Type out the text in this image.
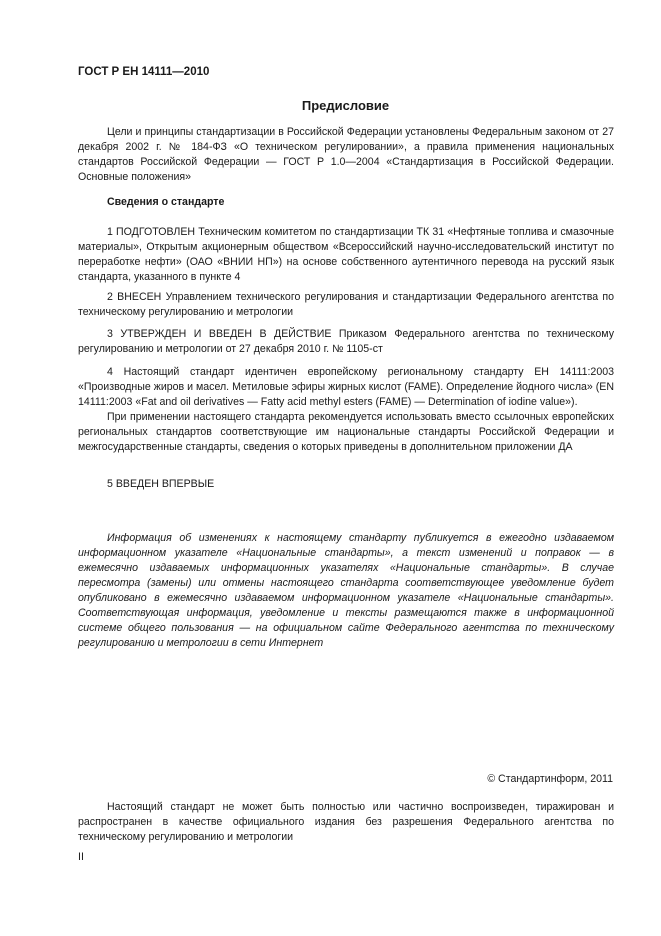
ГОСТ Р ЕН 14111—2010
Предисловие
Цели и принципы стандартизации в Российской Федерации установлены Федеральным законом от 27 декабря 2002 г. № 184-ФЗ «О техническом регулировании», а правила применения национальных стандартов Российской Федерации — ГОСТ Р 1.0—2004 «Стандартизация в Российской Федерации. Основные положения»
Сведения о стандарте
1 ПОДГОТОВЛЕН Техническим комитетом по стандартизации ТК 31 «Нефтяные топлива и смазочные материалы», Открытым акционерным обществом «Всероссийский научно-исследовательский институт по переработке нефти» (ОАО «ВНИИ НП») на основе собственного аутентичного перевода на русский язык стандарта, указанного в пункте 4
2 ВНЕСЕН Управлением технического регулирования и стандартизации Федерального агентства по техническому регулированию и метрологии
3 УТВЕРЖДЕН И ВВЕДЕН В ДЕЙСТВИЕ Приказом Федерального агентства по техническому регулированию и метрологии от 27 декабря 2010 г. № 1105-ст
4 Настоящий стандарт идентичен европейскому региональному стандарту ЕН 14111:2003 «Производные жиров и масел. Метиловые эфиры жирных кислот (FAME). Определение йодного числа» (EN 14111:2003 «Fat and oil derivatives — Fatty acid methyl esters (FAME) — Determination of iodine value»).
При применении настоящего стандарта рекомендуется использовать вместо ссылочных европейских региональных стандартов соответствующие им национальные стандарты Российской Федерации и межгосударственные стандарты, сведения о которых приведены в дополнительном приложении ДА
5 ВВЕДЕН ВПЕРВЫЕ
Информация об изменениях к настоящему стандарту публикуется в ежегодно издаваемом информационном указателе «Национальные стандарты», а текст изменений и поправок — в ежемесячно издаваемых информационных указателях «Национальные стандарты». В случае пересмотра (замены) или отмены настоящего стандарта соответствующее уведомление будет опубликовано в ежемесячно издаваемом информационном указателе «Национальные стандарты». Соответствующая информация, уведомление и тексты размещаются также в информационной системе общего пользования — на официальном сайте Федерального агентства по техническому регулированию и метрологии в сети Интернет
© Стандартинформ, 2011
Настоящий стандарт не может быть полностью или частично воспроизведен, тиражирован и распространен в качестве официального издания без разрешения Федерального агентства по техническому регулированию и метрологии
II
